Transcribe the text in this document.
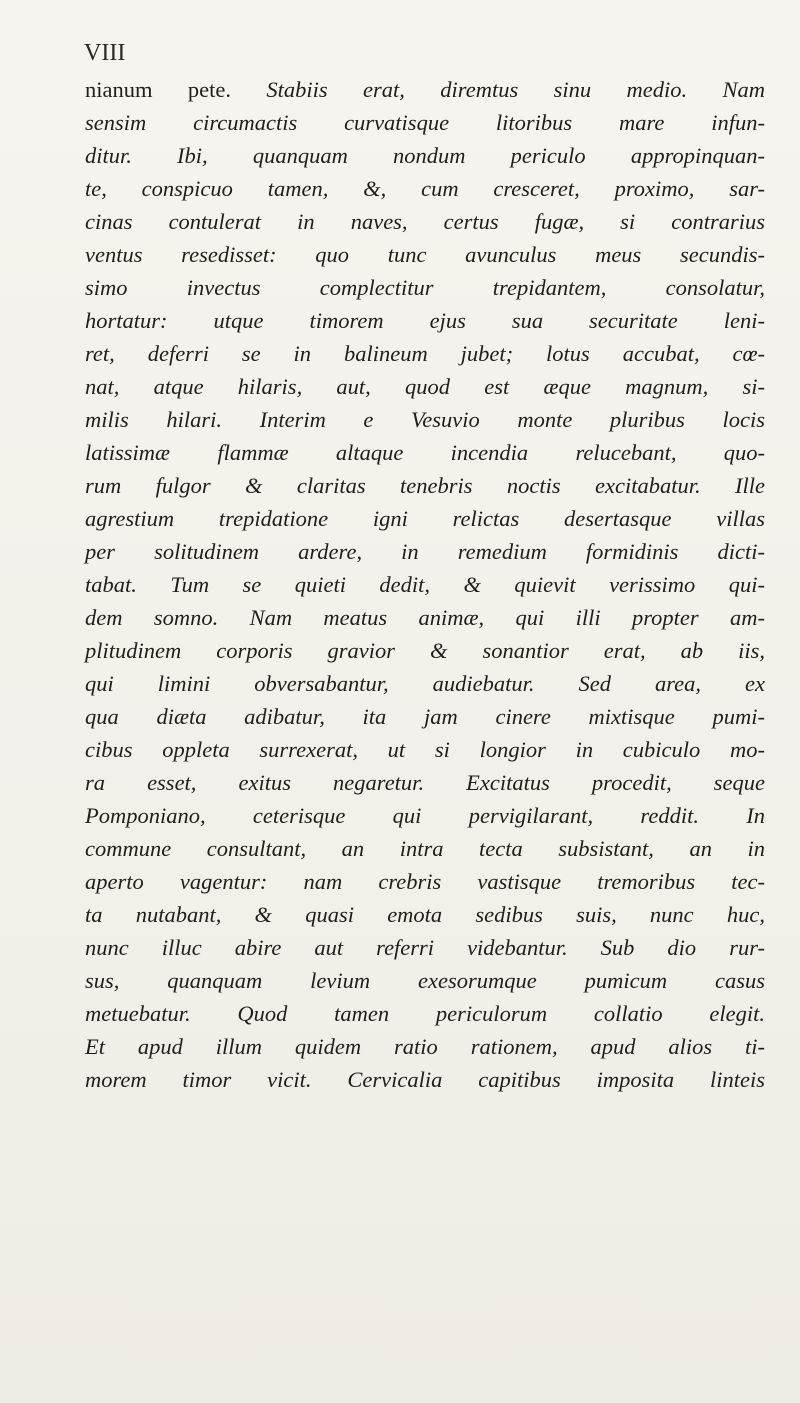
VIII
nianum pete. Stabiis erat, diremtus sinu medio. Nam
sensim circumactis curvatisque litoribus mare infun-
ditur. Ibi, quanquam nondum periculo appropinquan-
te, conspicuo tamen, &, cum cresceret, proximo, sar-
cinas contulerat in naves, certus fugæ, si contrarius
ventus resedisset: quo tunc avunculus meus secundis-
simo invectus complectitur trepidantem, consolatur,
hortatur: utque timorem ejus sua securitate leni-
ret, deferri se in balineum jubet; lotus accubat, cœ-
nat, atque hilaris, aut, quod est æque magnum, si-
milis hilari. Interim e Vesuvio monte pluribus locis
latissimæ flammæ altaque incendia relucebant, quo-
rum fulgor & claritas tenebris noctis excitabatur. Ille
agrestium trepidatione igni relictas desertasque villas
per solitudinem ardere, in remedium formidinis dicti-
tabat. Tum se quieti dedit, & quievit verissimo qui-
dem somno. Nam meatus animæ, qui illi propter am-
plitudinem corporis gravior & sonantior erat, ab iis,
qui limini obversabantur, audiebatur. Sed area, ex
qua diæta adibatur, ita jam cinere mixtisque pumi-
cibus oppleta surrexerat, ut si longior in cubiculo mo-
ra esset, exitus negaretur. Excitatus procedit, seque
Pomponiano, ceterisque qui pervigilarant, reddit. In
commune consultant, an intra tecta subsistant, an in
aperto vagentur: nam crebris vastisque tremoribus tec-
ta nutabant, & quasi emota sedibus suis, nunc huc,
nunc illuc abire aut referri videbantur. Sub dio rur-
sus, quanquam levium exesorumque pumicum casus
metuebatur. Quod tamen periculorum collatio elegit.
Et apud illum quidem ratio rationem, apud alios ti-
morem timor vicit. Cervicalia capitibus imposita linteis
